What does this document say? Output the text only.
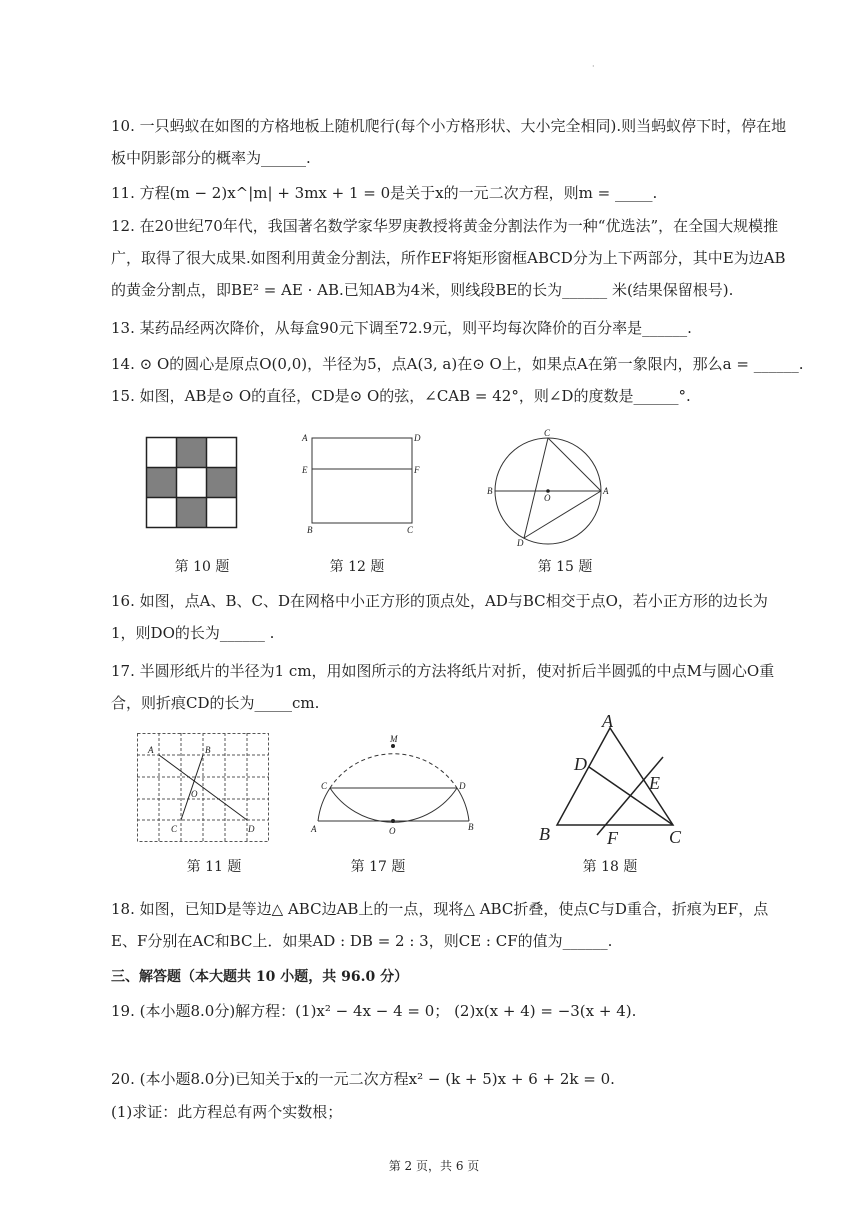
·
10. 一只蚂蚁在如图的方格地板上随机爬行(每个小方格形状、大小完全相同).则当蚂蚁停下时，停在地板中阴影部分的概率为______.
11. 方程(m − 2)x^|m| + 3mx + 1 = 0是关于x的一元二次方程，则m = _____.
12. 在20世纪70年代，我国著名数学家华罗庚教授将黄金分割法作为一种“优选法”，在全国大规模推广，取得了很大成果.如图利用黄金分割法，所作EF将矩形窗框ABCD分为上下两部分，其中E为边AB的黄金分割点，即BE² = AE · AB.已知AB为4米，则线段BE的长为______ 米(结果保留根号).
13. 某药品经两次降价，从每盒90元下调至72.9元，则平均每次降价的百分率是______.
14. ⊙ O的圆心是原点O(0,0)，半径为5，点A(3, a)在⊙ O上，如果点A在第一象限内，那么a = ______.
15. 如图，AB是⊙ O的直径，CD是⊙ O的弦，∠CAB = 42°，则∠D的度数是______°.
A	D
E	F
B	C
C
B
O
A
D
第 10 题	第 12 题	第 15 题
16. 如图，点A、B、C、D在网格中小正方形的顶点处，AD与BC相交于点O，若小正方形的边长为1，则DO的长为______ .
17. 半圆形纸片的半径为1 cm，用如图所示的方法将纸片对折，使对折后半圆弧的中点M与圆心O重合，则折痕CD的长为_____cm.
A	B
O
C	D
M
C	D
A	O	B
A
D
E
B	F	C
第 11 题	第 17 题	第 18 题
18. 如图，已知D是等边△ ABC边AB上的一点，现将△ ABC折叠，使点C与D重合，折痕为EF，点E、F分别在AC和BC上．如果AD : DB = 2 : 3，则CE : CF的值为______.
三、解答题（本大题共 10 小题，共 96.0 分）
19. (本小题8.0分)解方程：(1)x² − 4x − 4 = 0； (2)x(x + 4) = −3(x + 4).
20. (本小题8.0分)已知关于x的一元二次方程x² − (k + 5)x + 6 + 2k = 0.
(1)求证：此方程总有两个实数根；
第 2 页，共 6 页
